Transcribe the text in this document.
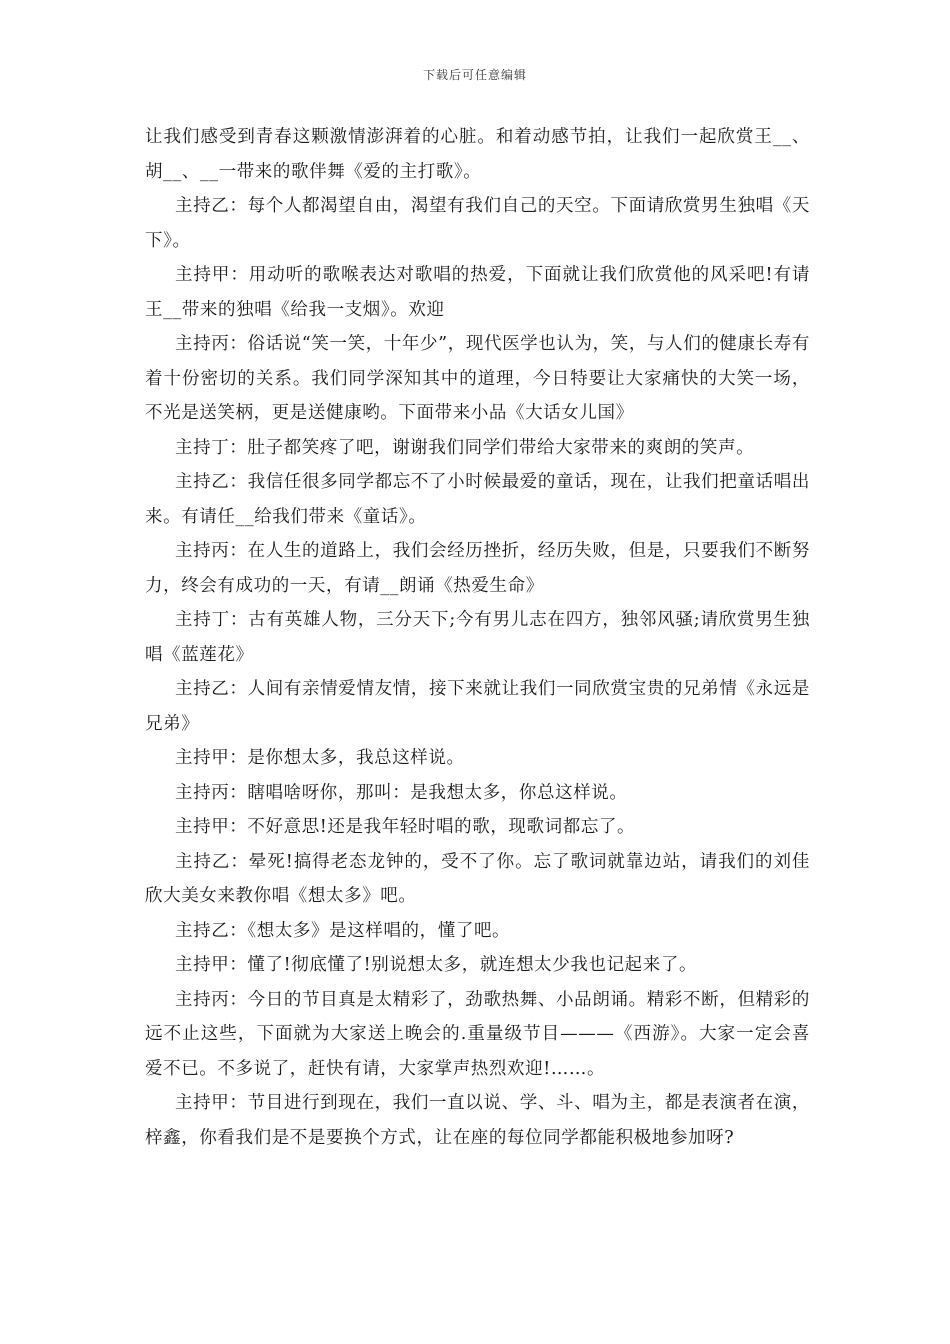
下载后可任意编辑

让我们感受到青春这颗激情澎湃着的心脏。和着动感节拍，让我们一起欣赏王__、胡__、__一带来的歌伴舞《爱的主打歌》。

主持乙：每个人都渴望自由，渴望有我们自己的天空。下面请欣赏男生独唱《天下》。

主持甲：用动听的歌喉表达对歌唱的热爱，下面就让我们欣赏他的风采吧!有请王__带来的独唱《给我一支烟》。欢迎

主持丙：俗话说“笑一笑，十年少”，现代医学也认为，笑，与人们的健康长寿有着十份密切的关系。我们同学深知其中的道理，今日特要让大家痛快的大笑一场，不光是送笑柄，更是送健康哟。下面带来小品《大话女儿国》

主持丁：肚子都笑疼了吧，谢谢我们同学们带给大家带来的爽朗的笑声。

主持乙：我信任很多同学都忘不了小时候最爱的童话，现在，让我们把童话唱出来。有请任__给我们带来《童话》。

主持丙：在人生的道路上，我们会经历挫折，经历失败，但是，只要我们不断努力，终会有成功的一天，有请__朗诵《热爱生命》

主持丁：古有英雄人物，三分天下;今有男儿志在四方，独邻风骚;请欣赏男生独唱《蓝莲花》

主持乙：人间有亲情爱情友情，接下来就让我们一同欣赏宝贵的兄弟情《永远是兄弟》

主持甲：是你想太多，我总这样说。

主持丙：瞎唱啥呀你，那叫：是我想太多，你总这样说。

主持甲：不好意思!还是我年轻时唱的歌，现歌词都忘了。

主持乙：晕死!搞得老态龙钟的，受不了你。忘了歌词就靠边站，请我们的刘佳欣大美女来教你唱《想太多》吧。

主持乙：《想太多》是这样唱的，懂了吧。

主持甲：懂了!彻底懂了!别说想太多，就连想太少我也记起来了。

主持丙：今日的节目真是太精彩了，劲歌热舞、小品朗诵。精彩不断，但精彩的远不止这些，下面就为大家送上晚会的.重量级节目———《西游》。大家一定会喜爱不已。不多说了，赶快有请，大家掌声热烈欢迎!……。

主持甲：节目进行到现在，我们一直以说、学、斗、唱为主，都是表演者在演，梓鑫，你看我们是不是要换个方式，让在座的每位同学都能积极地参加呀?
